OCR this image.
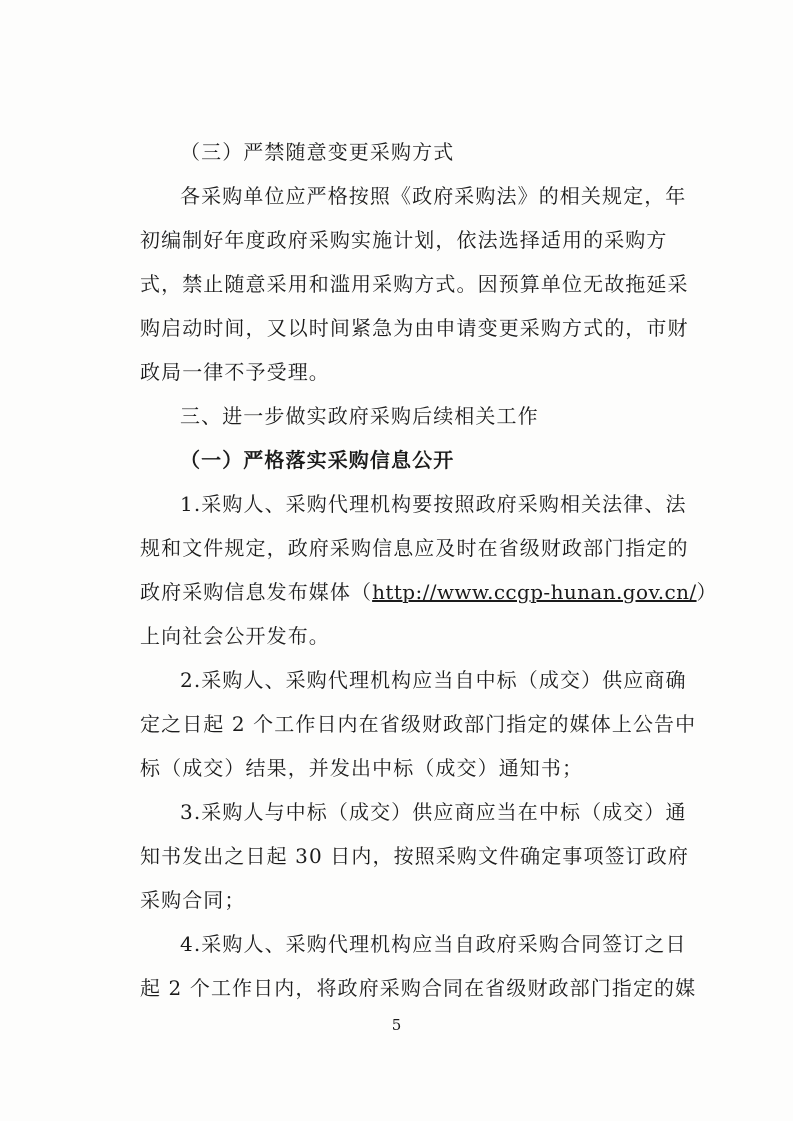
（三）严禁随意变更采购方式
各采购单位应严格按照《政府采购法》的相关规定，年
初编制好年度政府采购实施计划，依法选择适用的采购方
式，禁止随意采用和滥用采购方式。因预算单位无故拖延采
购启动时间，又以时间紧急为由申请变更采购方式的，市财
政局一律不予受理。
三、进一步做实政府采购后续相关工作
（一）严格落实采购信息公开
1.采购人、采购代理机构要按照政府采购相关法律、法
规和文件规定，政府采购信息应及时在省级财政部门指定的
政府采购信息发布媒体（http://www.ccgp-hunan.gov.cn/）
上向社会公开发布。
2.采购人、采购代理机构应当自中标（成交）供应商确
定之日起 2 个工作日内在省级财政部门指定的媒体上公告中
标（成交）结果，并发出中标（成交）通知书；
3.采购人与中标（成交）供应商应当在中标（成交）通
知书发出之日起 30 日内，按照采购文件确定事项签订政府
采购合同；
4.采购人、采购代理机构应当自政府采购合同签订之日
起 2 个工作日内，将政府采购合同在省级财政部门指定的媒
5
